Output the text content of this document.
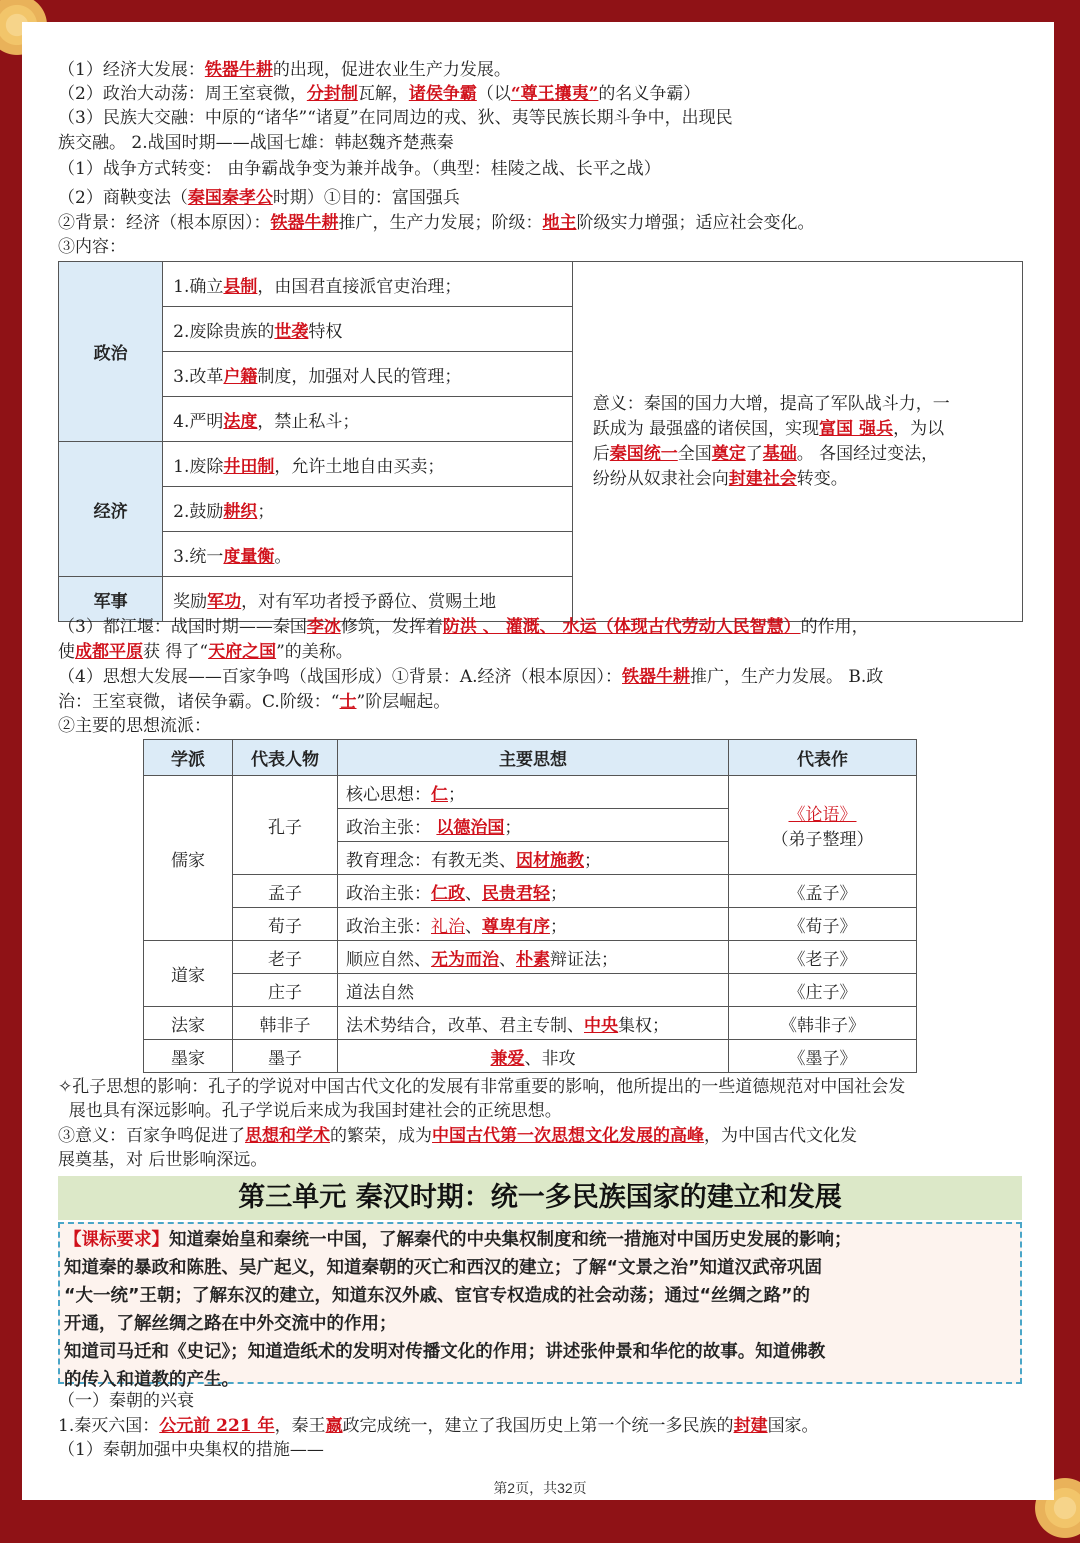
（1）经济大发展：铁器牛耕的出现，促进农业生产力发展。
（2）政治大动荡：周王室衰微，分封制瓦解，诸侯争霸（以“尊王攘夷”的名义争霸）
（3）民族大交融：中原的“诸华”“诸夏”在同周边的戎、狄、夷等民族长期斗争中，出现民
族交融。 2.战国时期——战国七雄：韩赵魏齐楚燕秦
（1）战争方式转变： 由争霸战争变为兼并战争。（典型：桂陵之战、长平之战）
（2）商鞅变法（秦国秦孝公时期）①目的：富国强兵
②背景：经济（根本原因）：铁器牛耕推广，生产力发展；阶级：地主阶级实力增强；适应社会变化。
③内容：
政治	1.确立县制，由国君直接派官吏治理；	意义：秦国的国力大增，提高了军队战斗力，一
跃成为 最强盛的诸侯国，实现富国 强兵，为以
后秦国统一全国奠定了基础。 各国经过变法，
纷纷从奴隶社会向封建社会转变。

	2.废除贵族的世袭特权	
	3.改革户籍制度，加强对人民的管理；	
	4.严明法度，禁止私斗；	
经济	1.废除井田制，允许土地自由买卖；	
	2.鼓励耕织；	
	3.统一度量衡。	
军事	奖励军功，对有军功者授予爵位、赏赐土地	
（3）都江堰：战国时期——秦国李冰修筑，发挥着防洪 、 灌溉、 水运（体现古代劳动人民智慧）的作用，
使成都平原获 得了“天府之国”的美称。
（4）思想大发展——百家争鸣（战国形成）①背景：A.经济（根本原因）：铁器牛耕推广，生产力发展。 B.政
治：王室衰微，诸侯争霸。C.阶级：“士”阶层崛起。
②主要的思想流派：
学派	代表人物	主要思想	代表作
儒家	孔子	核心思想：仁；	《论语》
（弟子整理）

		政治主张： 以德治国；	
		教育理念：有教无类、因材施教；	
	孟子	政治主张：仁政、民贵君轻；	《孟子》
	荀子	政治主张：礼治、尊卑有序；	《荀子》
道家	老子	顺应自然、无为而治、朴素辩证法；	《老子》
	庄子	道法自然	《庄子》
法家	韩非子	法术势结合，改革、君主专制、中央集权；	《韩非子》
墨家	墨子	兼爱、非攻	《墨子》
✧孔子思想的影响：孔子的学说对中国古代文化的发展有非常重要的影响，他所提出的一些道德规范对中国社会发
展也具有深远影响。孔子学说后来成为我国封建社会的正统思想。
③意义：百家争鸣促进了思想和学术的繁荣，成为中国古代第一次思想文化发展的高峰，为中国古代文化发
展奠基，对 后世影响深远。
第三单元 秦汉时期：统一多民族国家的建立和发展
【课标要求】知道秦始皇和秦统一中国，了解秦代的中央集权制度和统一措施对中国历史发展的影响；
知道秦的暴政和陈胜、吴广起义，知道秦朝的灭亡和西汉的建立；了解“文景之治”知道汉武帝巩固
“大一统”王朝；了解东汉的建立，知道东汉外戚、宦官专权造成的社会动荡；通过“丝绸之路”的
开通，了解丝绸之路在中外交流中的作用；
知道司马迁和《史记》；知道造纸术的发明对传播文化的作用；讲述张仲景和华佗的故事。知道佛教
的传入和道教的产生。
（一）秦朝的兴衰
1.秦灭六国：公元前 221 年，秦王嬴政完成统一，建立了我国历史上第一个统一多民族的封建国家。
（1）秦朝加强中央集权的措施——
第2页，共32页
